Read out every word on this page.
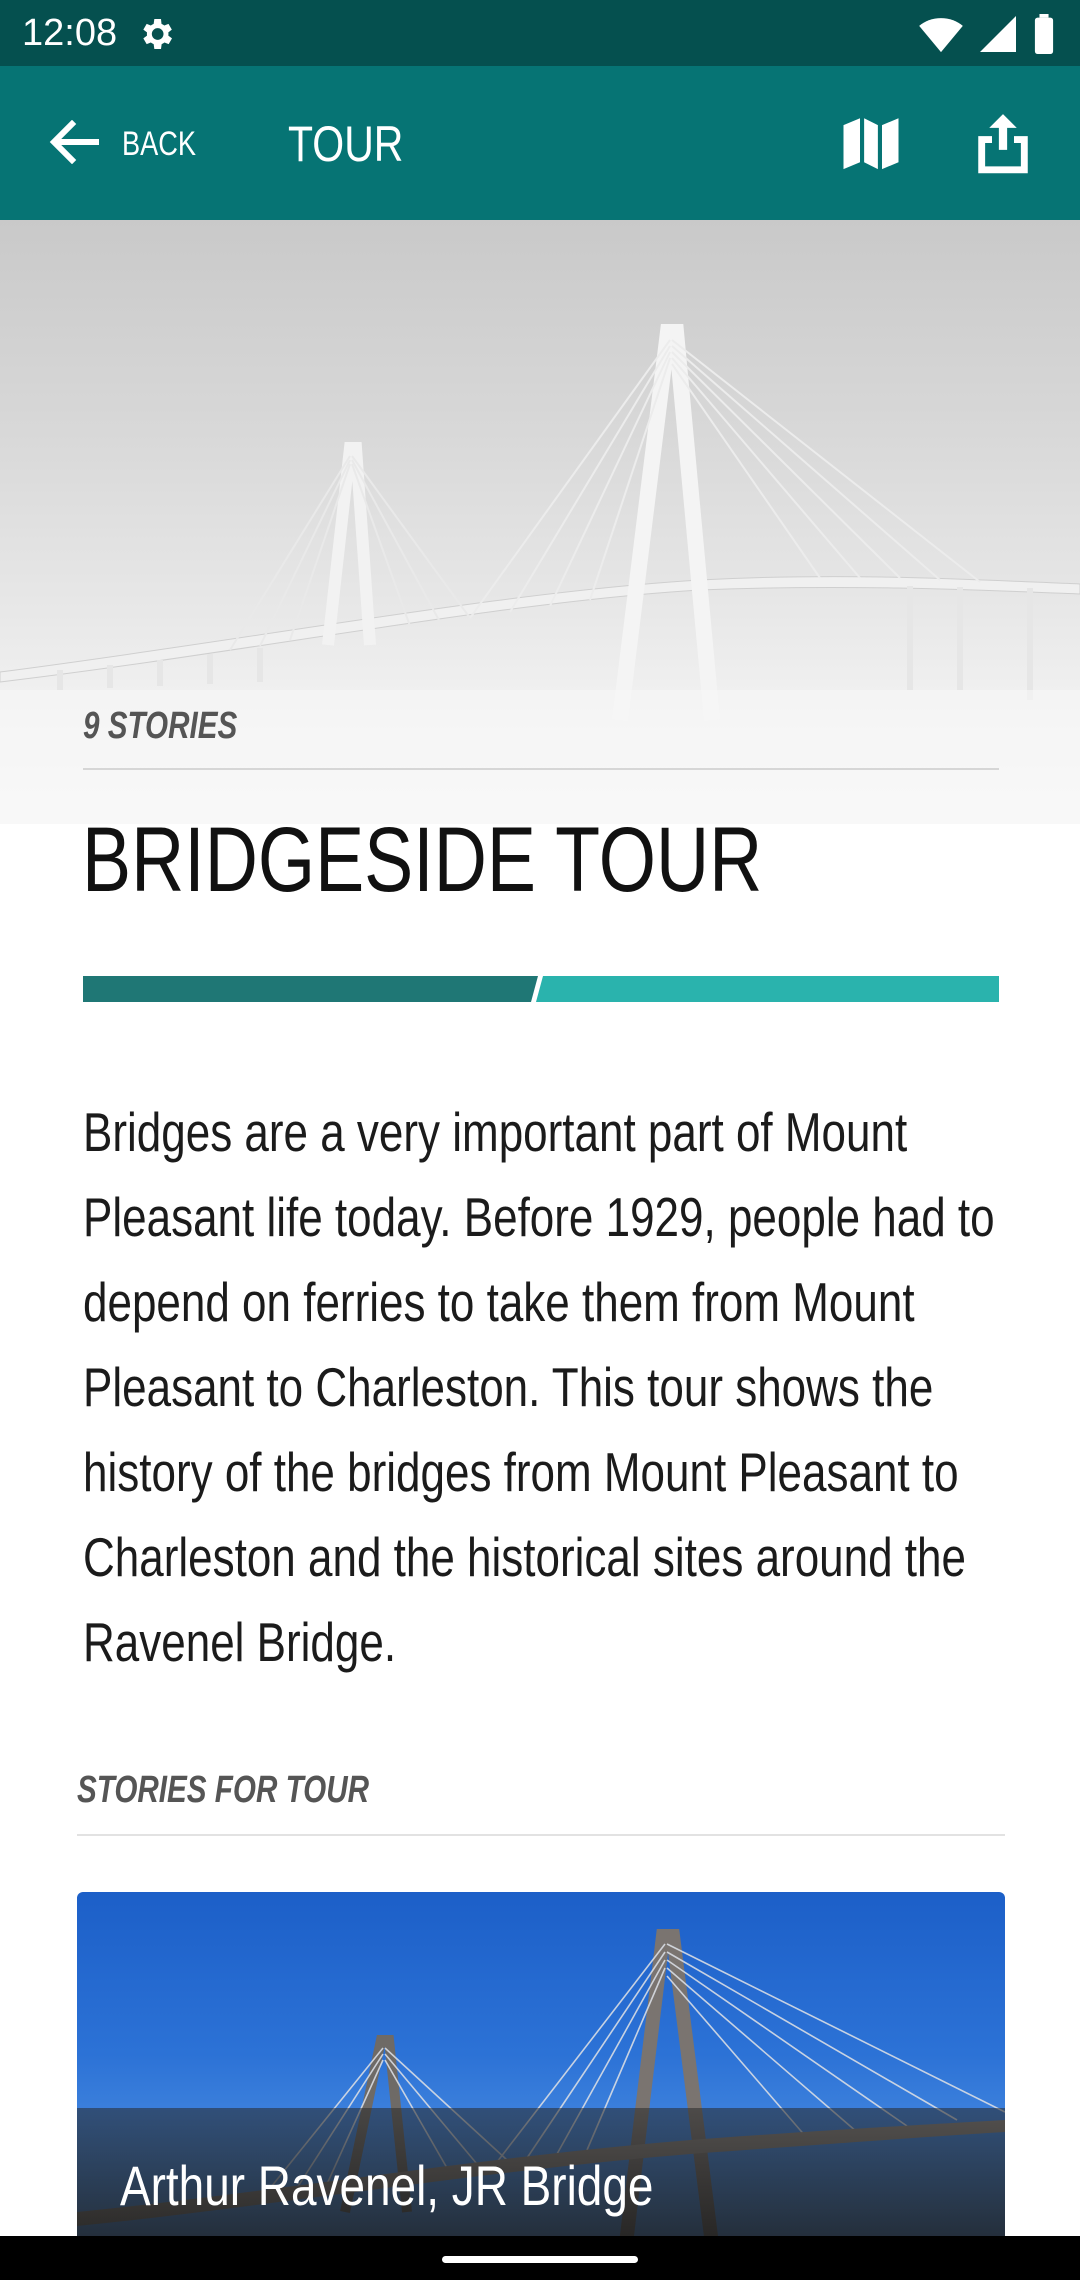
12:08

BACK TOUR
9 STORIES
BRIDGESIDE TOUR

Bridges are a very important part of Mount Pleasant life today. Before 1929, people had to depend on ferries to take them from Mount Pleasant to Charleston. This tour shows the history of the bridges from Mount Pleasant to Charleston and the historical sites around the Ravenel Bridge.

STORIES FOR TOUR
Arthur Ravenel, JR Bridge
